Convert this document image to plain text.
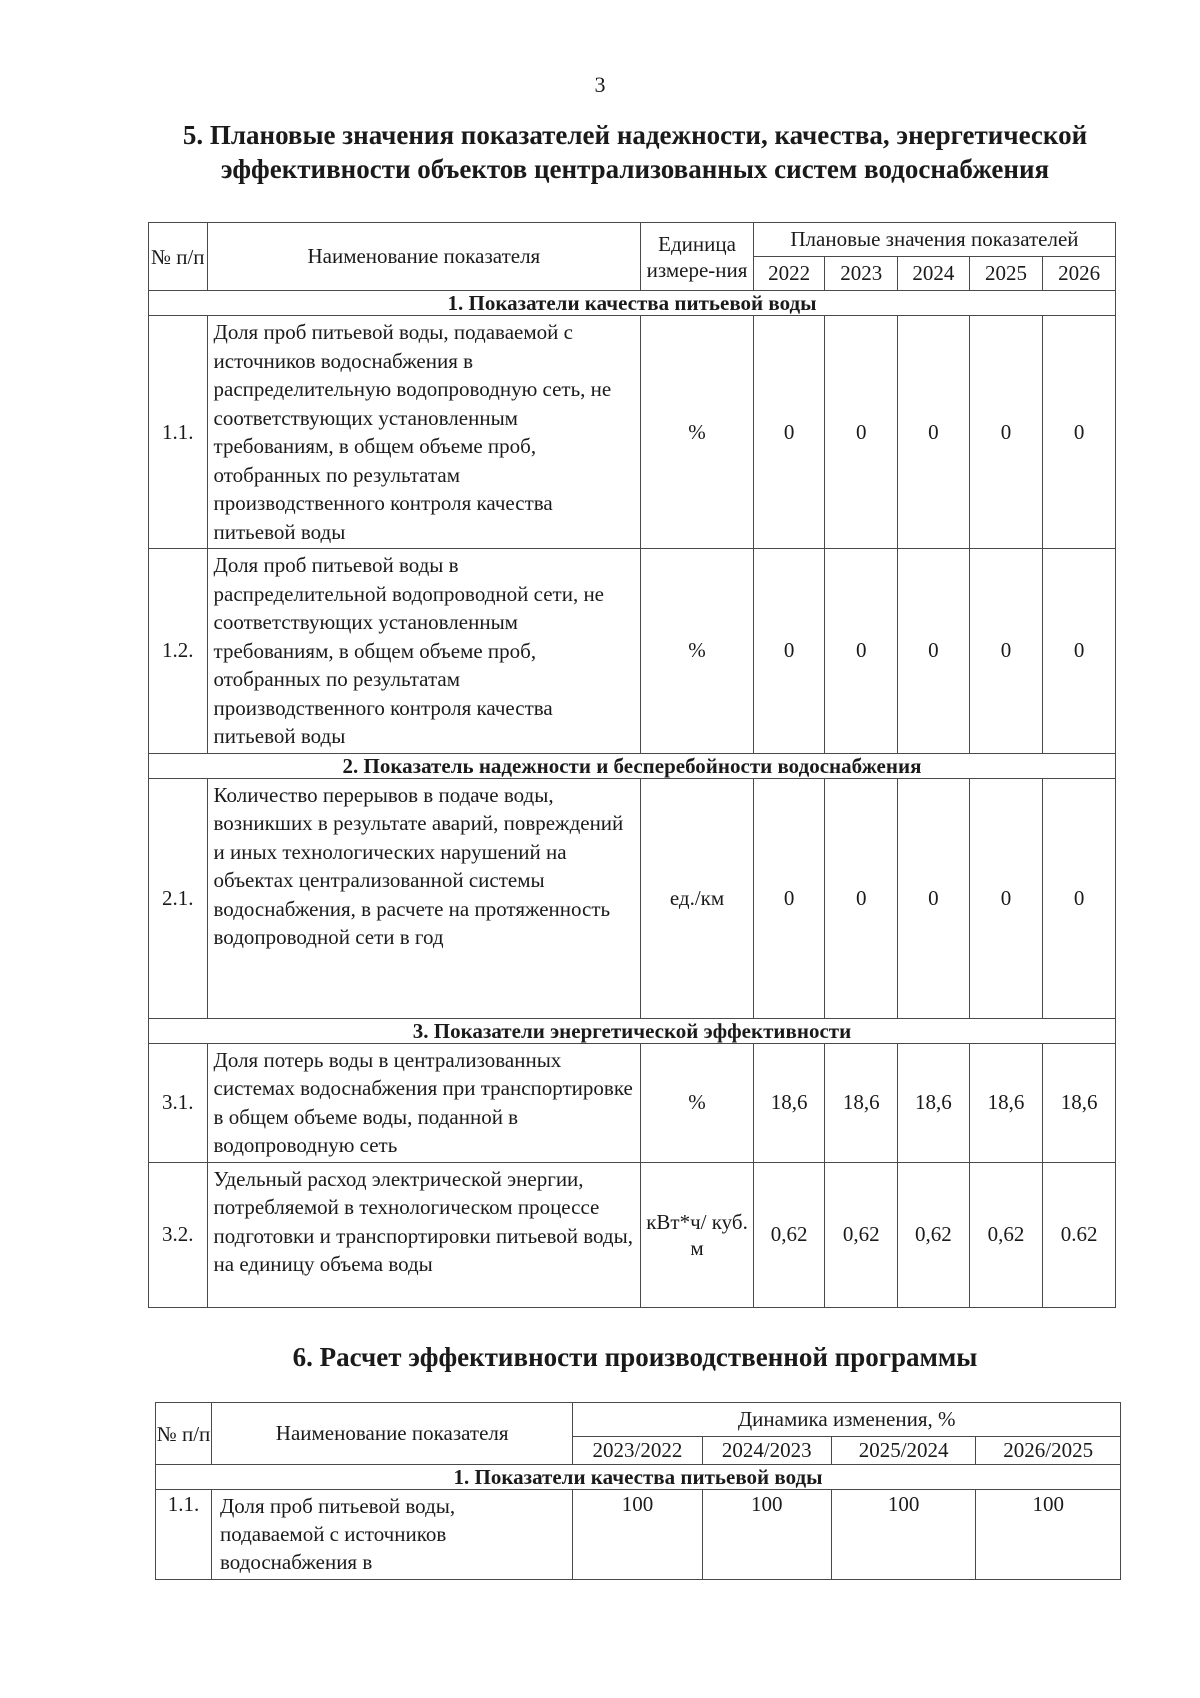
3
5. Плановые значения показателей надежности, качества, энергетической эффективности объектов централизованных систем водоснабжения
№ п/п	Наименование показателя	Единица измере-ния	Плановые значения показателей				
			2022	2023	2024	2025	2026
1. Показатели качества питьевой воды							
1.1.	Доля проб питьевой воды, подаваемой с источников водоснабжения в распределительную водопроводную сеть, не соответствующих установленным требованиям, в общем объеме проб, отобранных по результатам производственного контроля качества питьевой воды	%	0	0	0	0	0
1.2.	Доля проб питьевой воды в распределительной водопроводной сети, не соответствующих установленным требованиям, в общем объеме проб, отобранных по результатам производственного контроля качества питьевой воды	%	0	0	0	0	0
2. Показатель надежности и бесперебойности водоснабжения							
2.1.	Количество перерывов в подаче воды, возникших в результате аварий, повреждений и иных технологических нарушений на объектах централизованной системы водоснабжения, в расчете на протяженность водопроводной сети в год	ед./км	0	0	0	0	0
3. Показатели энергетической эффективности							
3.1.	Доля потерь воды в централизованных системах водоснабжения при транспортировке в общем объеме воды, поданной в водопроводную сеть	%	18,6	18,6	18,6	18,6	18,6
3.2.	Удельный расход электрической энергии, потребляемой в технологическом процессе подготовки и транспортировки питьевой воды, на единицу объема воды	кВт*ч/ куб. м	0,62	0,62	0,62	0,62	0.62
6. Расчет эффективности производственной программы
№ п/п	Наименование показателя	Динамика изменения, %			
		2023/2022	2024/2023	2025/2024	2026/2025
1. Показатели качества питьевой воды					
1.1.	Доля проб питьевой воды, подаваемой с источников водоснабжения в	100	100	100	100
